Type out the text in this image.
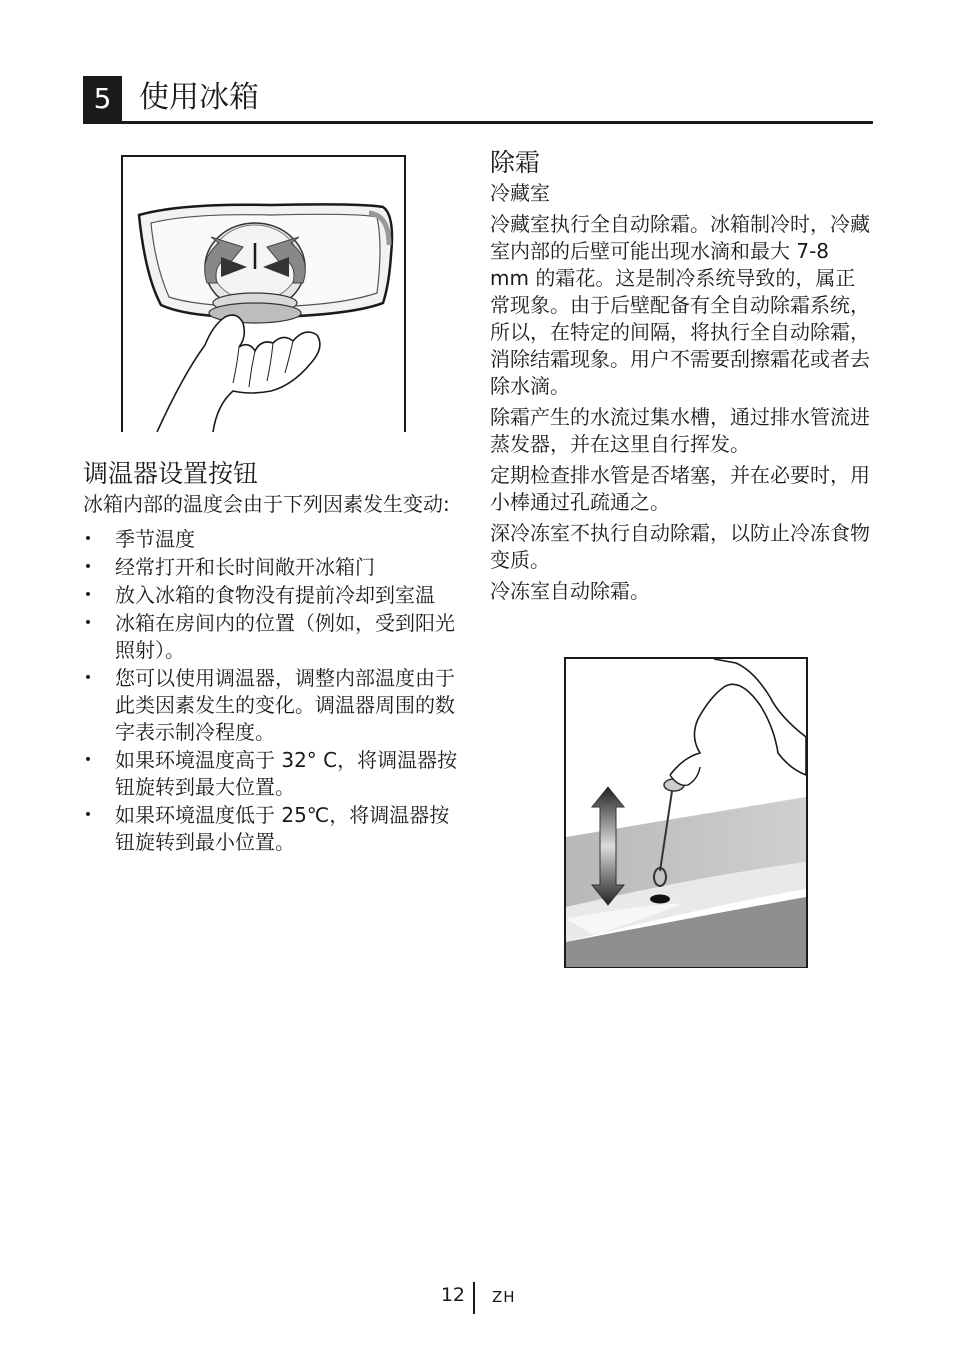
5 使用冰箱
调温器设置按钮

冰箱内部的温度会由于下列因素发生变动:

• 季节温度
• 经常打开和长时间敞开冰箱门
• 放入冰箱的食物没有提前冷却到室温
• 冰箱在房间内的位置（例如，受到阳光照射）。
• 您可以使用调温器，调整内部温度由于此类因素发生的变化。调温器周围的数字表示制冷程度。
• 如果环境温度高于 32° C，将调温器按钮旋转到最大位置。
• 如果环境温度低于 25℃，将调温器按钮旋转到最小位置。
除霜
冷藏室

冷藏室执行全自动除霜。冰箱制冷时，冷藏室内部的后壁可能出现水滴和最大 7-8 mm 的霜花。这是制冷系统导致的，属正常现象。由于后壁配备有全自动除霜系统，所以，在特定的间隔，将执行全自动除霜，消除结霜现象。用户不需要刮擦霜花或者去除水滴。

除霜产生的水流过集水槽，通过排水管流进蒸发器，并在这里自行挥发。

定期检查排水管是否堵塞，并在必要时，用小棒通过孔疏通之。

深冷冻室不执行自动除霜，以防止冷冻食物变质。

冷冻室自动除霜。

12 ZH
